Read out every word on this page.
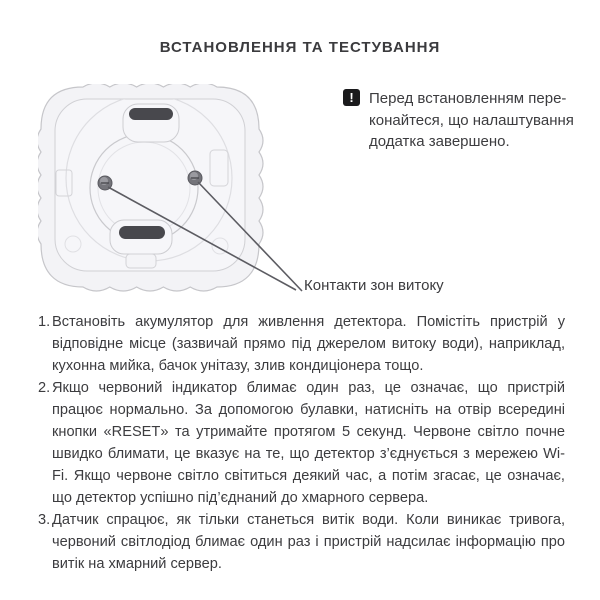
ВСТАНОВЛЕННЯ ТА ТЕСТУВАННЯ
Контакти зон витоку
!	Перед встановленням пере-
конайтеся, що налаштування
додатка завершено.

1. Встановіть акумулятор для живлення детектора. Помістіть пристрій у відповідне місце (зазвичай прямо під джерелом витоку води), наприклад, кухонна мийка, бачок унітазу, злив кондиціонера тощо.
2. Якщо червоний індикатор блимає один раз, це означає, що пристрій працює нормально. За допомогою булавки, натисніть на отвір всередині кнопки «RESET» та утримайте протягом 5 секунд. Червоне світло почне швидко блимати, це вказує на те, що детектор з’єднується з мережею Wi-Fi. Якщо червоне світло світиться деякий час, а потім згасає, це означає, що детектор успішно під’єднаний до хмарного сервера.
3. Датчик спрацює, як тільки станеться витік води. Коли виникає тривога, червоний світлодіод блимає один раз і пристрій надсилає інформацію про витік на хмарний сервер.
